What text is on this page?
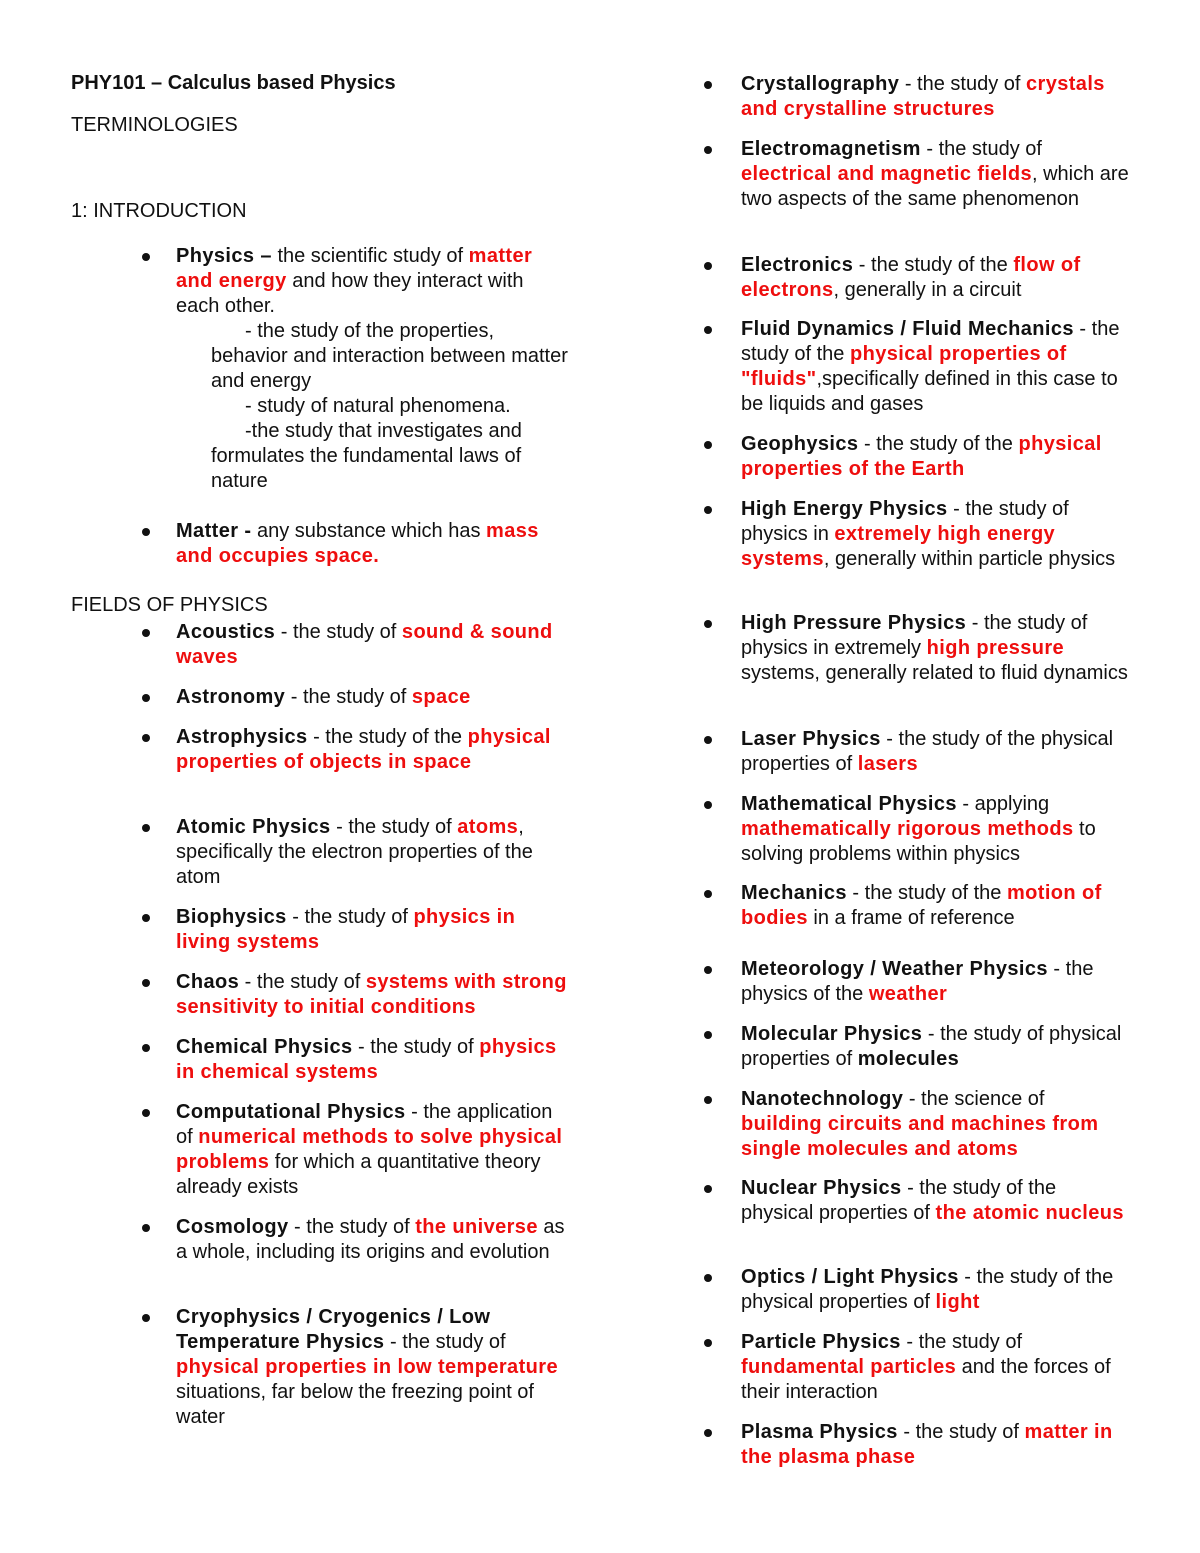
PHY101 – Calculus based Physics
TERMINOLOGIES
1: INTRODUCTION
Physics – the scientific study of matter and energy and how they interact with each other.
- the study of the properties, behavior and interaction between matter and energy
- study of natural phenomena.
-the study that investigates and formulates the fundamental laws of nature
Matter - any substance which has mass and occupies space.
FIELDS OF PHYSICS
Acoustics - the study of sound & sound waves
Astronomy - the study of space
Astrophysics - the study of the physical properties of objects in space
Atomic Physics - the study of atoms, specifically the electron properties of the atom
Biophysics - the study of physics in living systems
Chaos - the study of systems with strong sensitivity to initial conditions
Chemical Physics - the study of physics in chemical systems
Computational Physics - the application of numerical methods to solve physical problems for which a quantitative theory already exists
Cosmology - the study of the universe as a whole, including its origins and evolution
Cryophysics / Cryogenics / Low Temperature Physics - the study of physical properties in low temperature situations, far below the freezing point of water
Crystallography - the study of crystals and crystalline structures
Electromagnetism - the study of electrical and magnetic fields, which are two aspects of the same phenomenon
Electronics - the study of the flow of electrons, generally in a circuit
Fluid Dynamics / Fluid Mechanics - the study of the physical properties of "fluids",specifically defined in this case to be liquids and gases
Geophysics - the study of the physical properties of the Earth
High Energy Physics - the study of physics in extremely high energy systems, generally within particle physics
High Pressure Physics - the study of physics in extremely high pressure systems, generally related to fluid dynamics
Laser Physics - the study of the physical properties of lasers
Mathematical Physics - applying mathematically rigorous methods to solving problems within physics
Mechanics - the study of the motion of bodies in a frame of reference
Meteorology / Weather Physics - the physics of the weather
Molecular Physics - the study of physical properties of molecules
Nanotechnology - the science of building circuits and machines from single molecules and atoms
Nuclear Physics - the study of the physical properties of the atomic nucleus
Optics / Light Physics - the study of the physical properties of light
Particle Physics - the study of fundamental particles and the forces of their interaction
Plasma Physics - the study of matter in the plasma phase
